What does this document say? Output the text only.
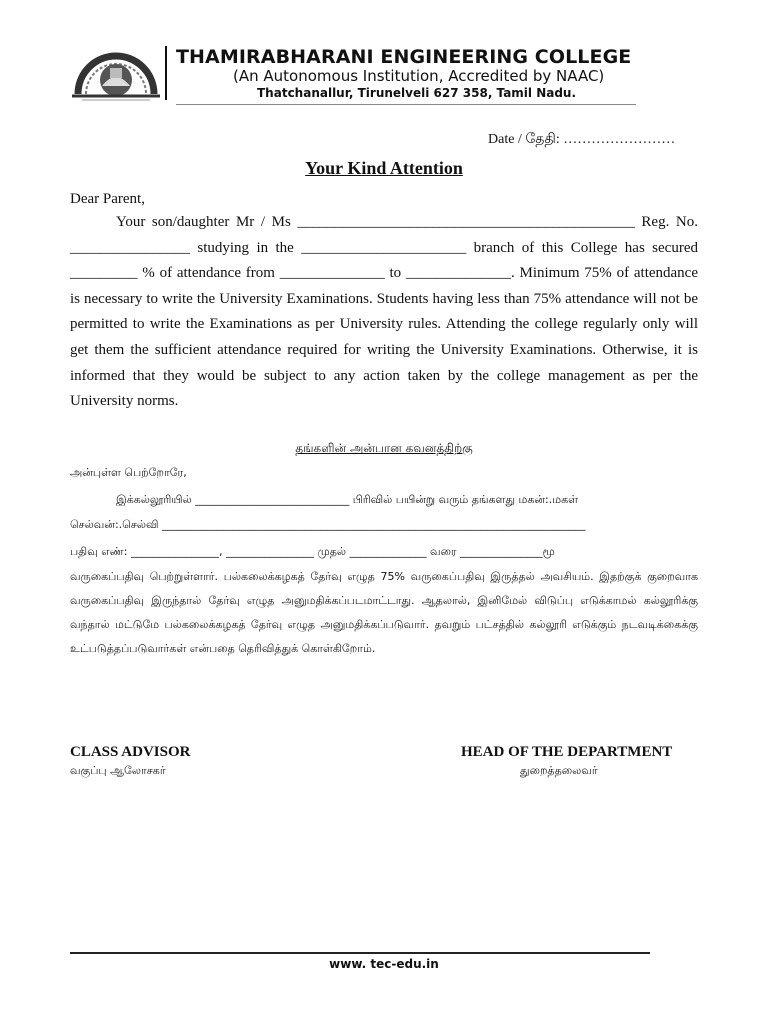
THAMIRABHARANI ENGINEERING COLLEGE
(An Autonomous Institution, Accredited by NAAC)
Thatchanallur, Tirunelveli 627 358, Tamil Nadu.
Date / தேதி: ……………………
Your Kind Attention
Dear Parent,

Your son/daughter Mr / Ms _____________________________________________ Reg. No. ________________ studying in the ______________________ branch of this College has secured _________ % of attendance from ______________ to ______________. Minimum 75% of attendance is necessary to write the University Examinations. Students having less than 75% attendance will not be permitted to write the Examinations as per University rules. Attending the college regularly only will get them the sufficient attendance required for writing the University Examinations. Otherwise, it is informed that they would be subject to any action taken by the college management as per the University norms.

தங்களின் அன்பான கவனத்திற்கு
அன்புள்ள பெற்றோரே,
இக்கல்லூரியில் ____________________________ பிரிவில் பயின்று வரும் தங்களது மகன்:.மகள்
செல்வன்:.செல்வி _____________________________________________________________________________
பதிவு எண்: ________________, ________________ முதல் ______________ வரை _______________மூ

வருகைப்பதிவு பெற்றுள்ளார். பல்கலைக்கழகத் தேர்வு எழுத 75% வருகைப்பதிவு இருத்தல் அவசியம். இதற்குக் குறைவாக வருகைப்பதிவு இருந்தால் தேர்வு எழுத அனுமதிக்கப்படமாட்டாது. ஆதலால், இனிமேல் விடுப்பு எடுக்காமல் கல்லூரிக்கு வந்தால் மட்டுமே பல்கலைக்கழகத் தேர்வு எழுத அனுமதிக்கப்படுவார். தவறும் பட்சத்தில் கல்லூரி எடுக்கும் நடவடிக்கைக்கு உட்படுத்தப்படுவார்கள் என்பதை தெரிவித்துக் கொள்கிறோம்.

CLASS ADVISOR
வகுப்பு ஆலோசகர்
HEAD OF THE DEPARTMENT
துறைத்தலைவர்
www. tec-edu.in
